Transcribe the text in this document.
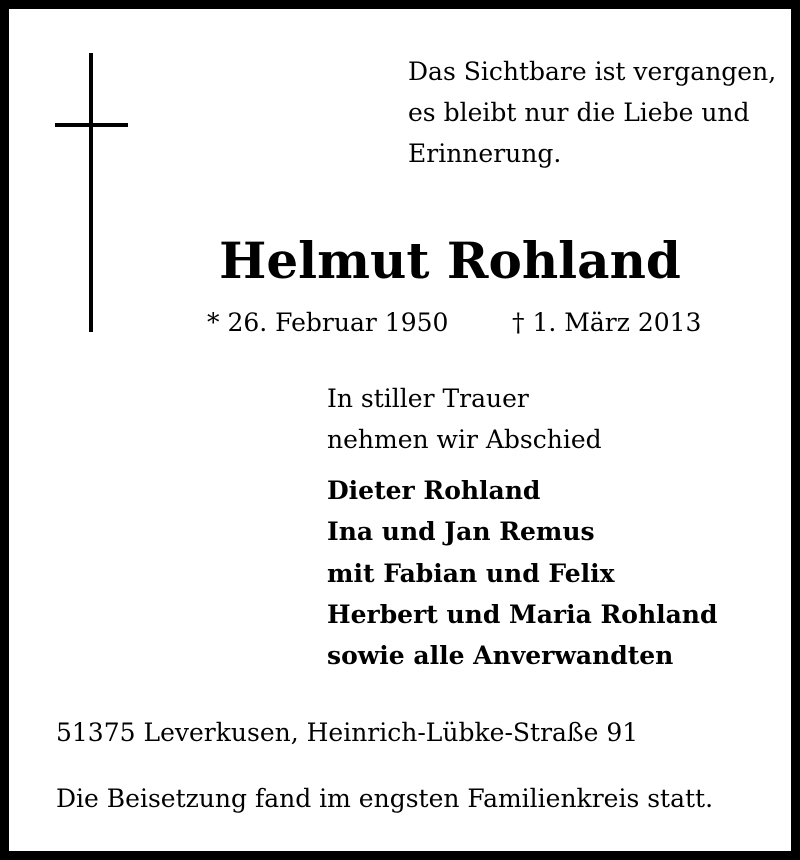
Das Sichtbare ist vergangen,
es bleibt nur die Liebe und
Erinnerung.
Helmut Rohland
* 26. Februar 1950	† 1. März 2013
In stiller Trauer
nehmen wir Abschied
Dieter Rohland
Ina und Jan Remus
mit Fabian und Felix
Herbert und Maria Rohland
sowie alle Anverwandten
51375 Leverkusen, Heinrich-Lübke-Straße 91
Die Beisetzung fand im engsten Familienkreis statt.
